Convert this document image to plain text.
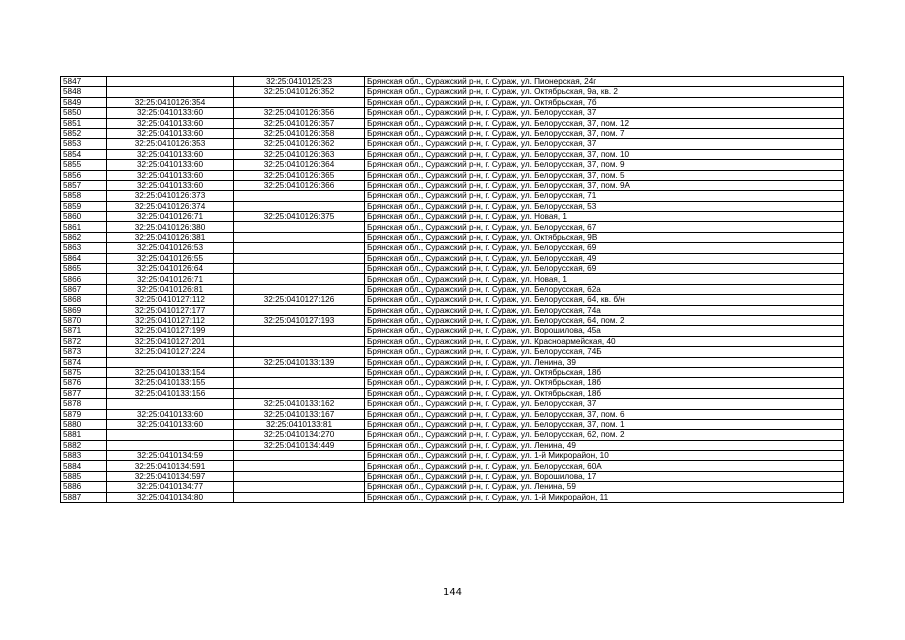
5847		32:25:0410125:23	Брянская обл., Суражский р-н, г. Сураж, ул. Пионерская, 24г
5848		32:25:0410126:352	Брянская обл., Суражский р-н, г. Сураж, ул. Октябрьская, 9а, кв. 2
5849	32:25:0410126:354		Брянская обл., Суражский р-н, г. Сураж, ул. Октябрьская, 7б
5850	32:25:0410133:60	32:25:0410126:356	Брянская обл., Суражский р-н, г. Сураж, ул. Белорусская, 37
5851	32:25:0410133:60	32:25:0410126:357	Брянская обл., Суражский р-н, г. Сураж, ул. Белорусская, 37, пом. 12
5852	32:25:0410133:60	32:25:0410126:358	Брянская обл., Суражский р-н, г. Сураж, ул. Белорусская, 37, пом. 7
5853	32:25:0410126:353	32:25:0410126:362	Брянская обл., Суражский р-н, г. Сураж, ул. Белорусская, 37
5854	32:25:0410133:60	32:25:0410126:363	Брянская обл., Суражский р-н, г. Сураж, ул. Белорусская, 37, пом. 10
5855	32:25:0410133:60	32:25:0410126:364	Брянская обл., Суражский р-н, г. Сураж, ул. Белорусская, 37, пом. 9
5856	32:25:0410133:60	32:25:0410126:365	Брянская обл., Суражский р-н, г. Сураж, ул. Белорусская, 37, пом. 5
5857	32:25:0410133:60	32:25:0410126:366	Брянская обл., Суражский р-н, г. Сураж, ул. Белорусская, 37, пом. 9А
5858	32:25:0410126:373		Брянская обл., Суражский р-н, г. Сураж, ул. Белорусская, 71
5859	32:25:0410126:374		Брянская обл., Суражский р-н, г. Сураж, ул. Белорусская, 53
5860	32:25:0410126:71	32:25:0410126:375	Брянская обл., Суражский р-н, г. Сураж, ул. Новая, 1
5861	32:25:0410126:380		Брянская обл., Суражский р-н, г. Сураж, ул. Белорусская, 67
5862	32:25:0410126:381		Брянская обл., Суражский р-н, г. Сураж, ул. Октябрьская, 9В
5863	32:25:0410126:53		Брянская обл., Суражский р-н, г. Сураж, ул. Белорусская, 69
5864	32:25:0410126:55		Брянская обл., Суражский р-н, г. Сураж, ул. Белорусская, 49
5865	32:25:0410126:64		Брянская обл., Суражский р-н, г. Сураж, ул. Белорусская, 69
5866	32:25:0410126:71		Брянская обл., Суражский р-н, г. Сураж, ул. Новая, 1
5867	32:25:0410126:81		Брянская обл., Суражский р-н, г. Сураж, ул. Белорусская, 62а
5868	32:25:0410127:112	32:25:0410127:126	Брянская обл., Суражский р-н, г. Сураж, ул. Белорусская, 64, кв. б/н
5869	32:25:0410127:177		Брянская обл., Суражский р-н, г. Сураж, ул. Белорусская, 74а
5870	32:25:0410127:112	32:25:0410127:193	Брянская обл., Суражский р-н, г. Сураж, ул. Белорусская, 64, пом. 2
5871	32:25:0410127:199		Брянская обл., Суражский р-н, г. Сураж, ул. Ворошилова, 45а
5872	32:25:0410127:201		Брянская обл., Суражский р-н, г. Сураж, ул. Красноармейская, 40
5873	32:25:0410127:224		Брянская обл., Суражский р-н, г. Сураж, ул. Белорусская, 74Б
5874		32:25:0410133:139	Брянская обл., Суражский р-н, г. Сураж, ул. Ленина, 39
5875	32:25:0410133:154		Брянская обл., Суражский р-н, г. Сураж, ул. Октябрьская, 18б
5876	32:25:0410133:155		Брянская обл., Суражский р-н, г. Сураж, ул. Октябрьская, 18б
5877	32:25:0410133:156		Брянская обл., Суражский р-н, г. Сураж, ул. Октябрьская, 18б
5878		32:25:0410133:162	Брянская обл., Суражский р-н, г. Сураж, ул. Белорусская, 37
5879	32:25:0410133:60	32:25:0410133:167	Брянская обл., Суражский р-н, г. Сураж, ул. Белорусская, 37, пом. 6
5880	32:25:0410133:60	32:25:0410133:81	Брянская обл., Суражский р-н, г. Сураж, ул. Белорусская, 37, пом. 1
5881		32:25:0410134:270	Брянская обл., Суражский р-н, г. Сураж, ул. Белорусская, 62, пом. 2
5882		32:25:0410134:449	Брянская обл., Суражский р-н, г. Сураж, ул. Ленина, 49
5883	32:25:0410134:59		Брянская обл., Суражский р-н, г. Сураж, ул. 1-й Микрорайон, 10
5884	32:25:0410134:591		Брянская обл., Суражский р-н, г. Сураж, ул. Белорусская, 60А
5885	32:25:0410134:597		Брянская обл., Суражский р-н, г. Сураж, ул. Ворошилова, 17
5886	32:25:0410134:77		Брянская обл., Суражский р-н, г. Сураж, ул. Ленина, 59
5887	32:25:0410134:80		Брянская обл., Суражский р-н, г. Сураж, ул. 1-й Микрорайон, 11
144
